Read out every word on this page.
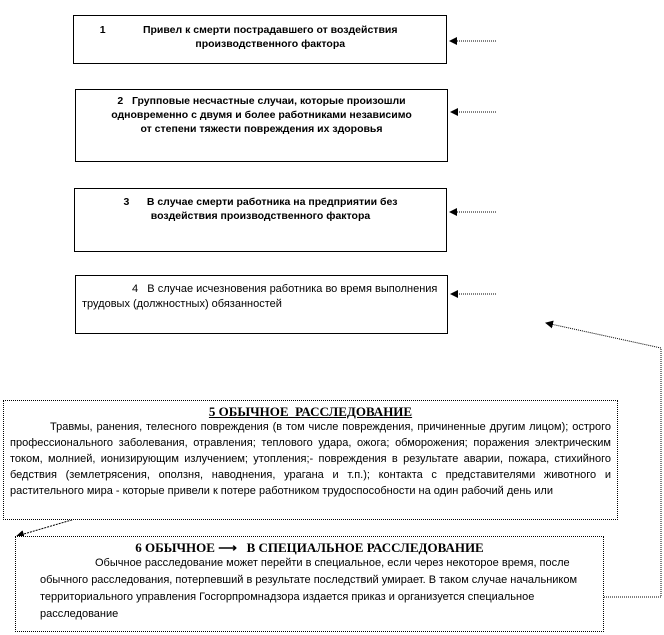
1	Привел к смерти пострадавшего от воздействия производственного фактора
2 Групповые несчастные случаи, которые произошли одновременно с двумя и более работниками независимо от степени тяжести повреждения их здоровья
3 В случае смерти работника на предприятии без воздействия производственного фактора
4 В случае исчезновения работника во время выполнения трудовых (должностных) обязанностей
5 ОБЫЧНОЕ  РАССЛЕДОВАНИЕ
Травмы, ранения, телесного повреждения (в том числе повреждения, причиненные другим лицом); острого профессионального заболевания, отравления; теплового удара, ожога; обморожения; поражения электрическим током, молнией, ионизирующим излучением; утопления;- повреждения в результате аварии, пожара, стихийного бедствия (землетрясения, оползня, наводнения, урагана и т.п.); контакта с представителями животного и растительного мира - которые привели к потере работником трудоспособности на один рабочий день или
6 ОБЫЧНОЕ ⟶ В СПЕЦИАЛЬНОЕ РАССЛЕДОВАНИЕ
Обычное расследование может перейти в специальное, если через некоторое время, после обычного расследования, потерпевший в результате последствий умирает. В таком случае начальником территориального управления Госгорпромнадзора издается приказ и организуется специальное расследование
